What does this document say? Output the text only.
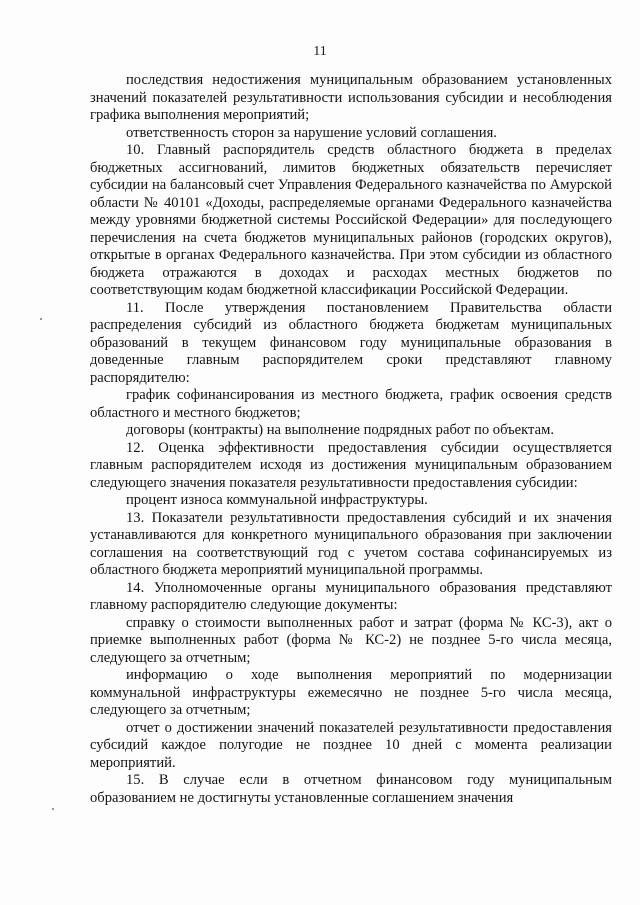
11

последствия недостижения муниципальным образованием установленных значений показателей результативности использования субсидии и несоблюдения графика выполнения мероприятий;

ответственность сторон за нарушение условий соглашения.

10. Главный распорядитель средств областного бюджета в пределах бюджетных ассигнований, лимитов бюджетных обязательств перечисляет субсидии на балансовый счет Управления Федерального казначейства по Амурской области № 40101 «Доходы, распределяемые органами Федерального казначейства между уровнями бюджетной системы Российской Федерации» для последующего перечисления на счета бюджетов муниципальных районов (городских округов), открытые в органах Федерального казначейства. При этом субсидии из областного бюджета отражаются в доходах и расходах местных бюджетов по соответствующим кодам бюджетной классификации Российской Федерации.

11. После утверждения постановлением Правительства области распределения субсидий из областного бюджета бюджетам муниципальных образований в текущем финансовом году муниципальные образования в доведенные главным распорядителем сроки представляют главному распорядителю:

график софинансирования из местного бюджета, график освоения средств областного и местного бюджетов;

договоры (контракты) на выполнение подрядных работ по объектам.

12. Оценка эффективности предоставления субсидии осуществляется главным распорядителем исходя из достижения муниципальным образованием следующего значения показателя результативности предоставления субсидии:

процент износа коммунальной инфраструктуры.

13. Показатели результативности предоставления субсидий и их значения устанавливаются для конкретного муниципального образования при заключении соглашения на соответствующий год с учетом состава софинансируемых из областного бюджета мероприятий муниципальной программы.

14. Уполномоченные органы муниципального образования представляют главному распорядителю следующие документы:

справку о стоимости выполненных работ и затрат (форма № КС-3), акт о приемке выполненных работ (форма № КС-2) не позднее 5-го числа месяца, следующего за отчетным;

информацию о ходе выполнения мероприятий по модернизации коммунальной инфраструктуры ежемесячно не позднее 5-го числа месяца, следующего за отчетным;

отчет о достижении значений показателей результативности предоставления субсидий каждое полугодие не позднее 10 дней с момента реализации мероприятий.

15. В случае если в отчетном финансовом году муниципальным образованием не достигнуты установленные соглашением значения
